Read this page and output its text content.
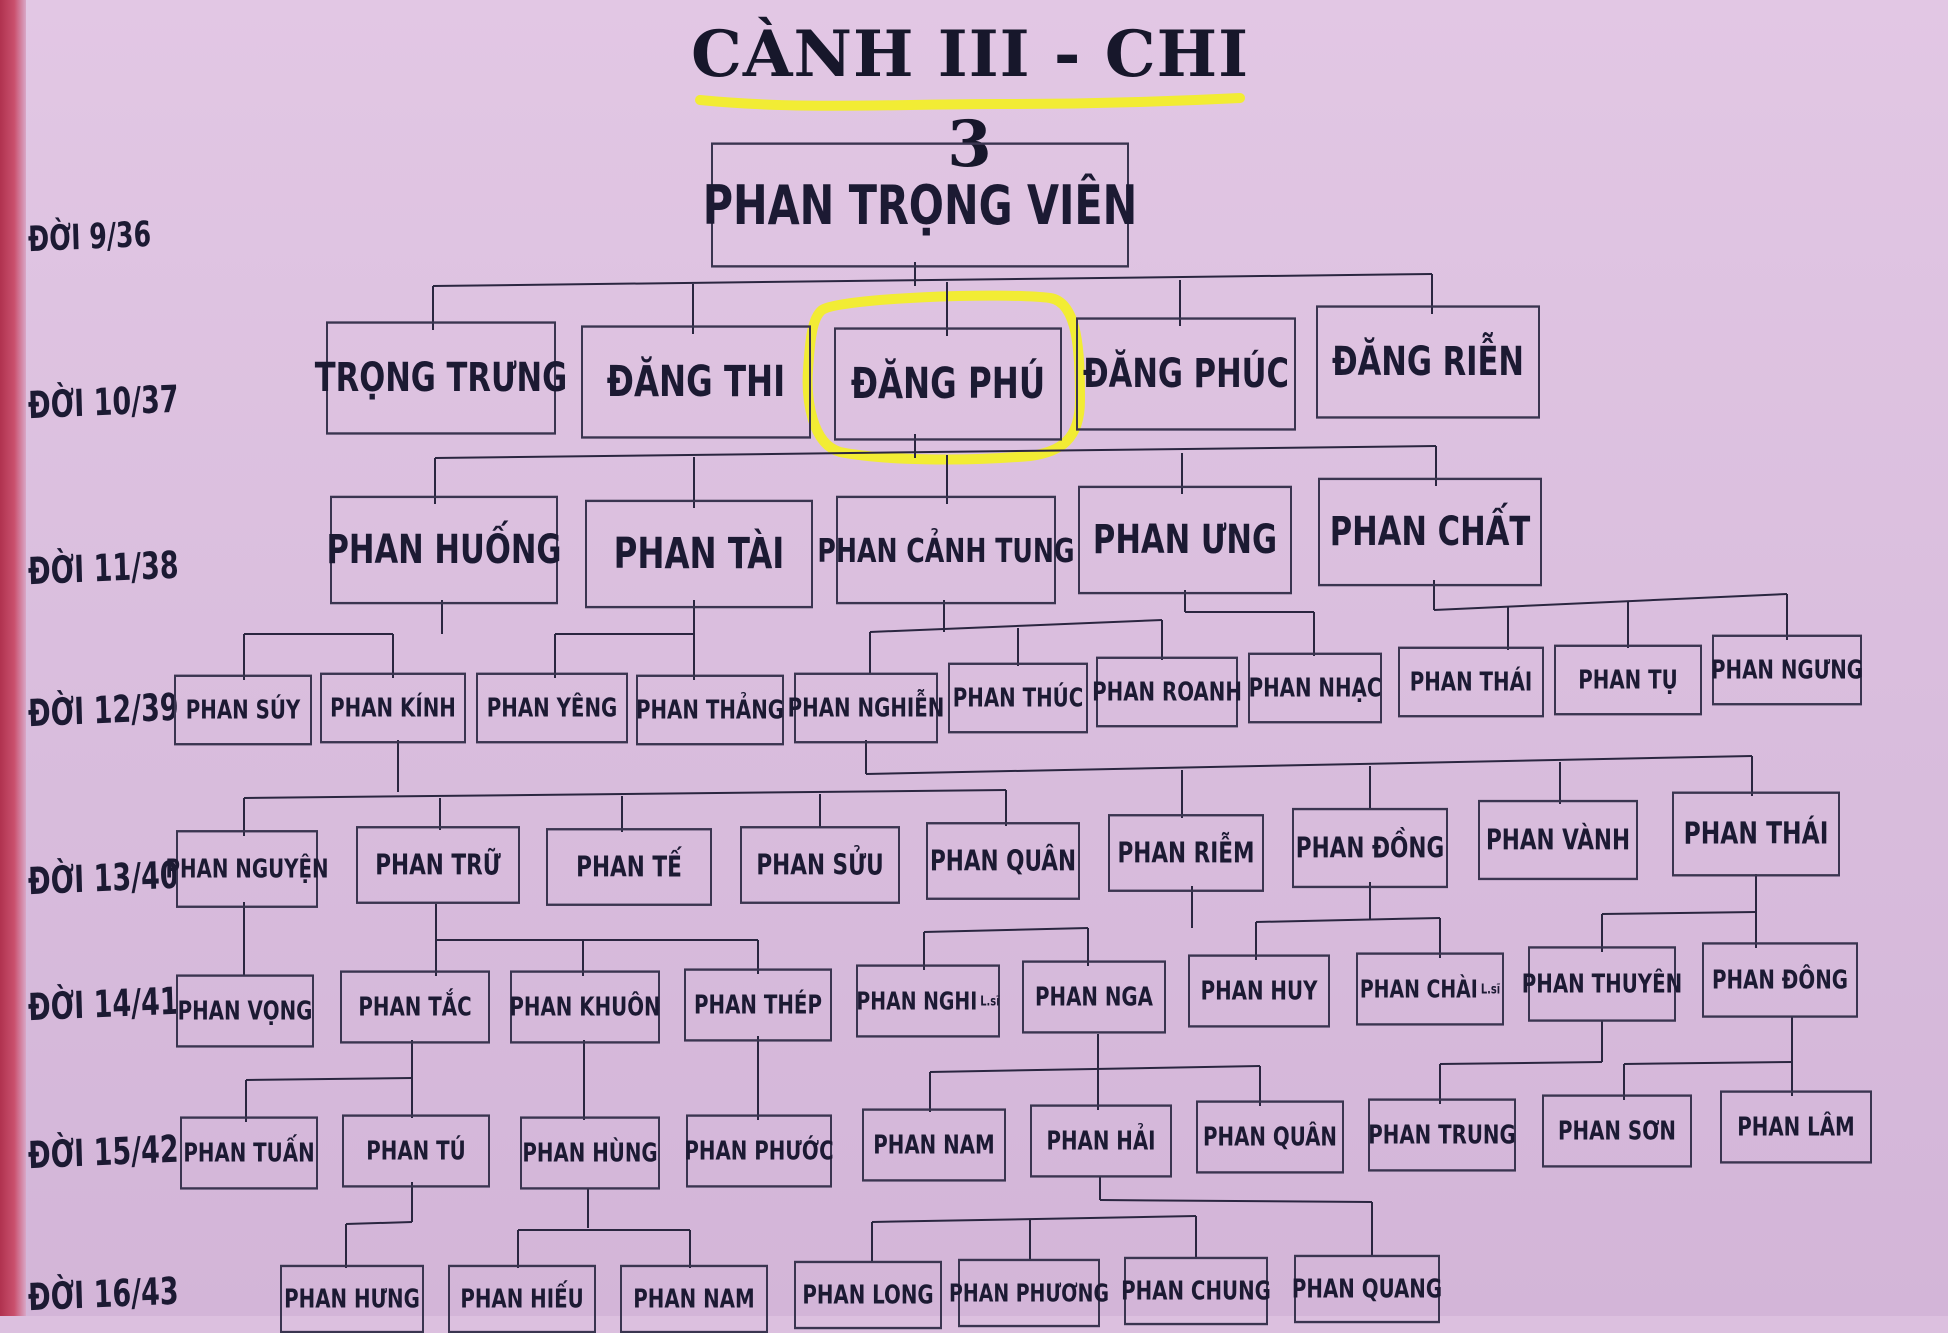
CÀNH III - CHI 3
ĐỜI 9/36
ĐỜI 10/37
ĐỜI 11/38
ĐỜI 12/39
ĐỜI 13/40
ĐỜI 14/41
ĐỜI 15/42
ĐỜI 16/43
PHAN TRỌNG VIÊN
TRỌNG TRƯNG	ĐĂNG THI	ĐĂNG PHÚ	ĐĂNG PHÚC	ĐĂNG RIỄN
PHAN HUỐNG	PHAN TÀI	PHAN CẢNH TUNG PHAN ƯNG	PHAN CHẤT
PHAN SÚY	PHAN KÍNH	PHAN YÊNG PHAN THẢNG PHAN NGHIỄN PHAN THÚC PHAN ROANH PHAN NHẠC	PHAN THÁI	PHAN TỤ	PHAN NGƯNG
PHAN NGUYỆN	PHAN TRỮ	PHAN TẾ	PHAN SỬU	PHAN QUÂN	PHAN RIỄM	PHAN ĐỒNG	PHAN VÀNH	PHAN THÁI
PHAN VỌNG	PHAN TẮC	PHAN KHUÔN	PHAN THÉP	PHAN NGHI L.sĩ	PHAN NGA	PHAN HUY	PHAN CHÀI L.sĩ PHAN THUYÊN	PHAN ĐÔNG
PHAN TUẤN	PHAN TÚ	PHAN HÙNG PHAN PHƯỚC	PHAN NAM	PHAN HẢI	PHAN QUÂN	PHAN TRUNG	PHAN SƠN	PHAN LÂM
PHAN HƯNG	PHAN HIẾU	PHAN NAM	PHAN LONG PHAN PHƯƠNG PHAN CHUNG PHAN QUANG
